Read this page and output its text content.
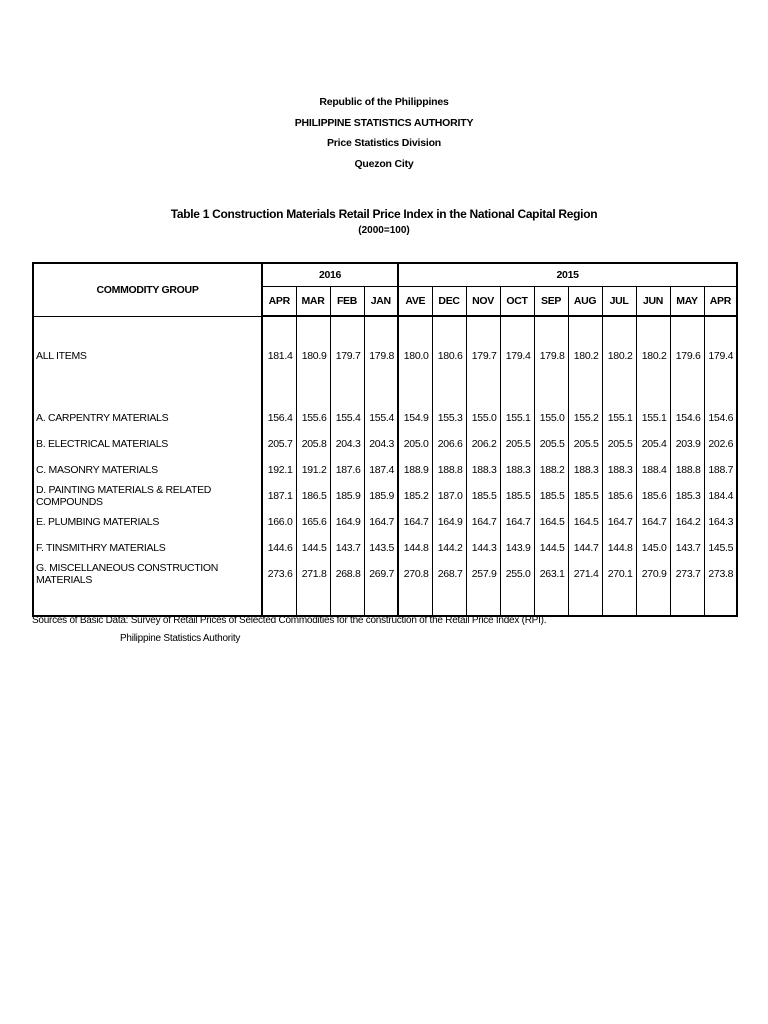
Republic of the Philippines
PHILIPPINE STATISTICS AUTHORITY
Price Statistics Division
Quezon City
Table 1 Construction Materials Retail Price Index in the National Capital Region
(2000=100)
COMMODITY GROUP	2016				2015									
	APR	MAR	FEB	JAN	AVE	DEC	NOV	OCT	SEP	AUG	JUL	JUN	MAY	APR

ALL ITEMS	181.4	180.9	179.7	179.8	180.0	180.6	179.7	179.4	179.8	180.2	180.2	180.2	179.6	179.4

A. CARPENTRY MATERIALS	156.4	155.6	155.4	155.4	154.9	155.3	155.0	155.1	155.0	155.2	155.1	155.1	154.6	154.6
B. ELECTRICAL MATERIALS	205.7	205.8	204.3	204.3	205.0	206.6	206.2	205.5	205.5	205.5	205.5	205.4	203.9	202.6
C. MASONRY MATERIALS	192.1	191.2	187.6	187.4	188.9	188.8	188.3	188.3	188.2	188.3	188.3	188.4	188.8	188.7
D. PAINTING MATERIALS & RELATED COMPOUNDS	187.1	186.5	185.9	185.9	185.2	187.0	185.5	185.5	185.5	185.5	185.6	185.6	185.3	184.4
E. PLUMBING MATERIALS	166.0	165.6	164.9	164.7	164.7	164.9	164.7	164.7	164.5	164.5	164.7	164.7	164.2	164.3
F. TINSMITHRY MATERIALS	144.6	144.5	143.7	143.5	144.8	144.2	144.3	143.9	144.5	144.7	144.8	145.0	143.7	145.5
G. MISCELLANEOUS CONSTRUCTION MATERIALS	273.6	271.8	268.8	269.7	270.8	268.7	257.9	255.0	263.1	271.4	270.1	270.9	273.7	273.8

Sources of Basic Data: Survey of Retail Prices of Selected Commodities for the construction of the Retail Price Index (RPI).
Philippine Statistics Authority
